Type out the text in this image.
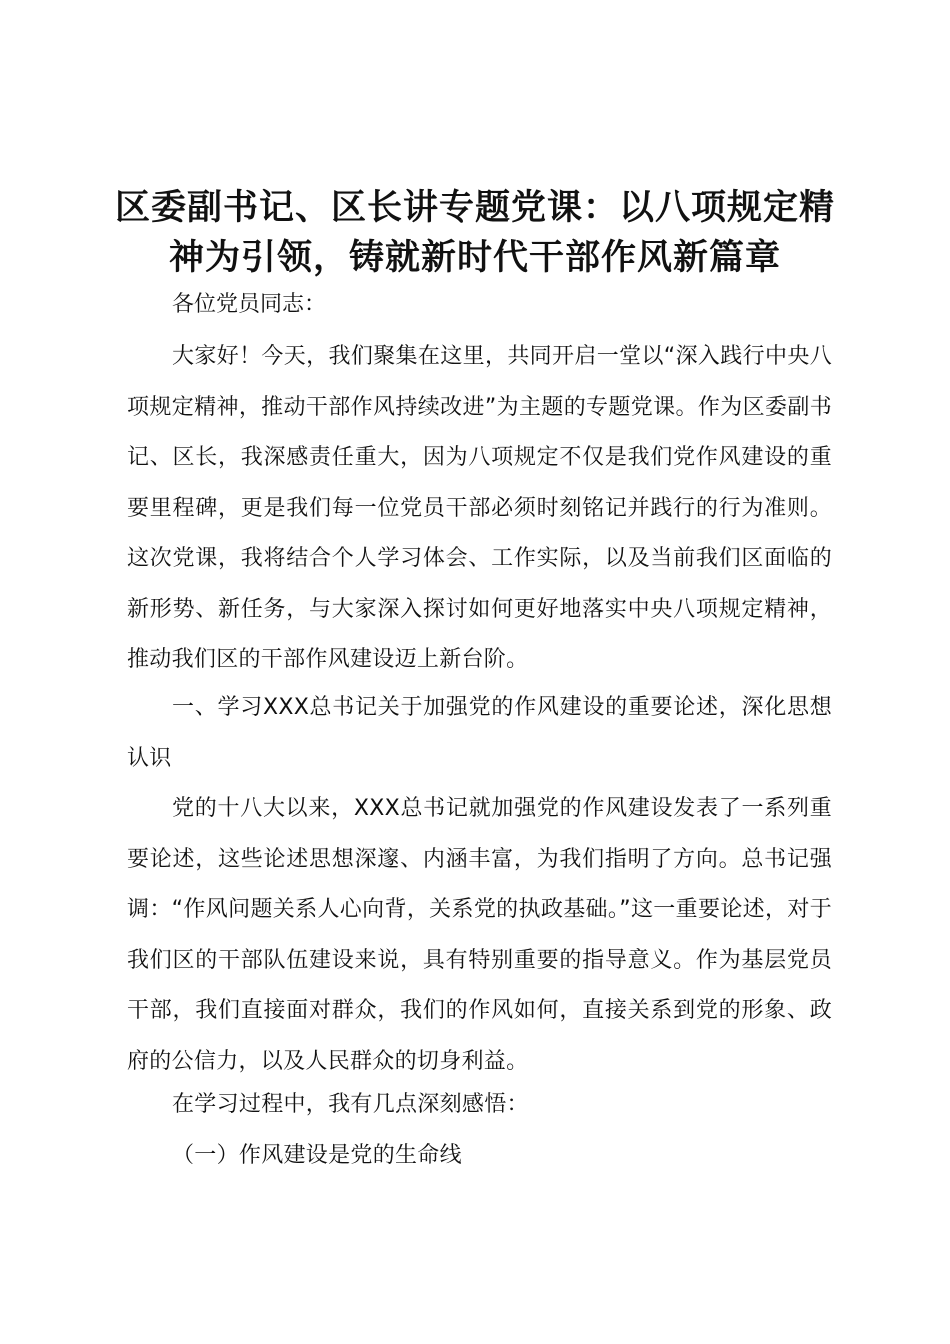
区委副书记、区长讲专题党课：以八项规定精
神为引领，铸就新时代干部作风新篇章
各位党员同志：
大家好！今天，我们聚集在这里，共同开启一堂以“深入践行中央八项规定精神，推动干部作风持续改进”为主题的专题党课。作为区委副书记、区长，我深感责任重大，因为八项规定不仅是我们党作风建设的重要里程碑，更是我们每一位党员干部必须时刻铭记并践行的行为准则。这次党课，我将结合个人学习体会、工作实际，以及当前我们区面临的新形势、新任务，与大家深入探讨如何更好地落实中央八项规定精神，推动我们区的干部作风建设迈上新台阶。
一、学习XXX总书记关于加强党的作风建设的重要论述，深化思想认识
党的十八大以来，XXX总书记就加强党的作风建设发表了一系列重要论述，这些论述思想深邃、内涵丰富，为我们指明了方向。总书记强调：“作风问题关系人心向背，关系党的执政基础。”这一重要论述，对于我们区的干部队伍建设来说，具有特别重要的指导意义。作为基层党员干部，我们直接面对群众，我们的作风如何，直接关系到党的形象、政府的公信力，以及人民群众的切身利益。
在学习过程中，我有几点深刻感悟：
（一）作风建设是党的生命线
